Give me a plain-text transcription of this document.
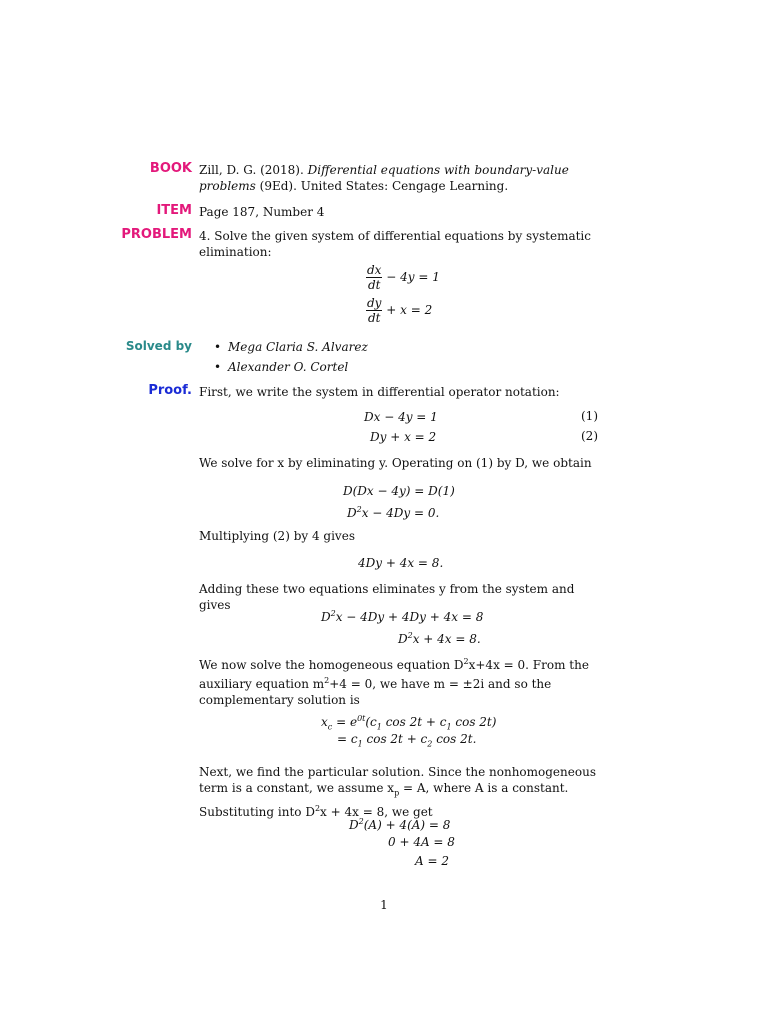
BOOK Zill, D. G. (2018). Differential equations with boundary-value problems (9Ed). United States: Cengage Learning.
ITEM Page 187, Number 4
PROBLEM 4. Solve the given system of differential equations by systematic elimination:
$\frac{dx}{dt} - 4y = 1$
$\frac{dy}{dt} + x = 2$
Solved by • Mega Claria S. Alvarez
• Alexander O. Cortel
Proof. First, we write the system in differential operator notation:
Dx − 4y = 1	(1)
Dy + x = 2	(2)
We solve for x by eliminating y. Operating on (1) by D, we obtain
D(Dx − 4y) = D(1)
$D^2x - 4Dy = 0$.
Multiplying (2) by 4 gives
4Dy + 4x = 8.
Adding these two equations eliminates y from the system and gives
$D^2x - 4Dy + 4Dy + 4x = 8$
$D^2x + 4x = 8$.
We now solve the homogeneous equation $D^2x+4x = 0$. From the auxiliary equation $m^2+4 = 0$, we have m = ±2i and so the complementary solution is
$x_c = e^{0t}(c_1$ $\cos 2t + c_1$ cos 2t)
= $c_1$ $\cos 2t + c_2$ cos 2t.
Next, we find the particular solution. Since the nonhomogeneous term is a constant, we assume $x_p = A$, where A is a constant. Substituting into $D^2x + 4x = 8$, we get
$D^2(A) + 4(A) = 8$
0 + 4A = 8
A = 2
1
